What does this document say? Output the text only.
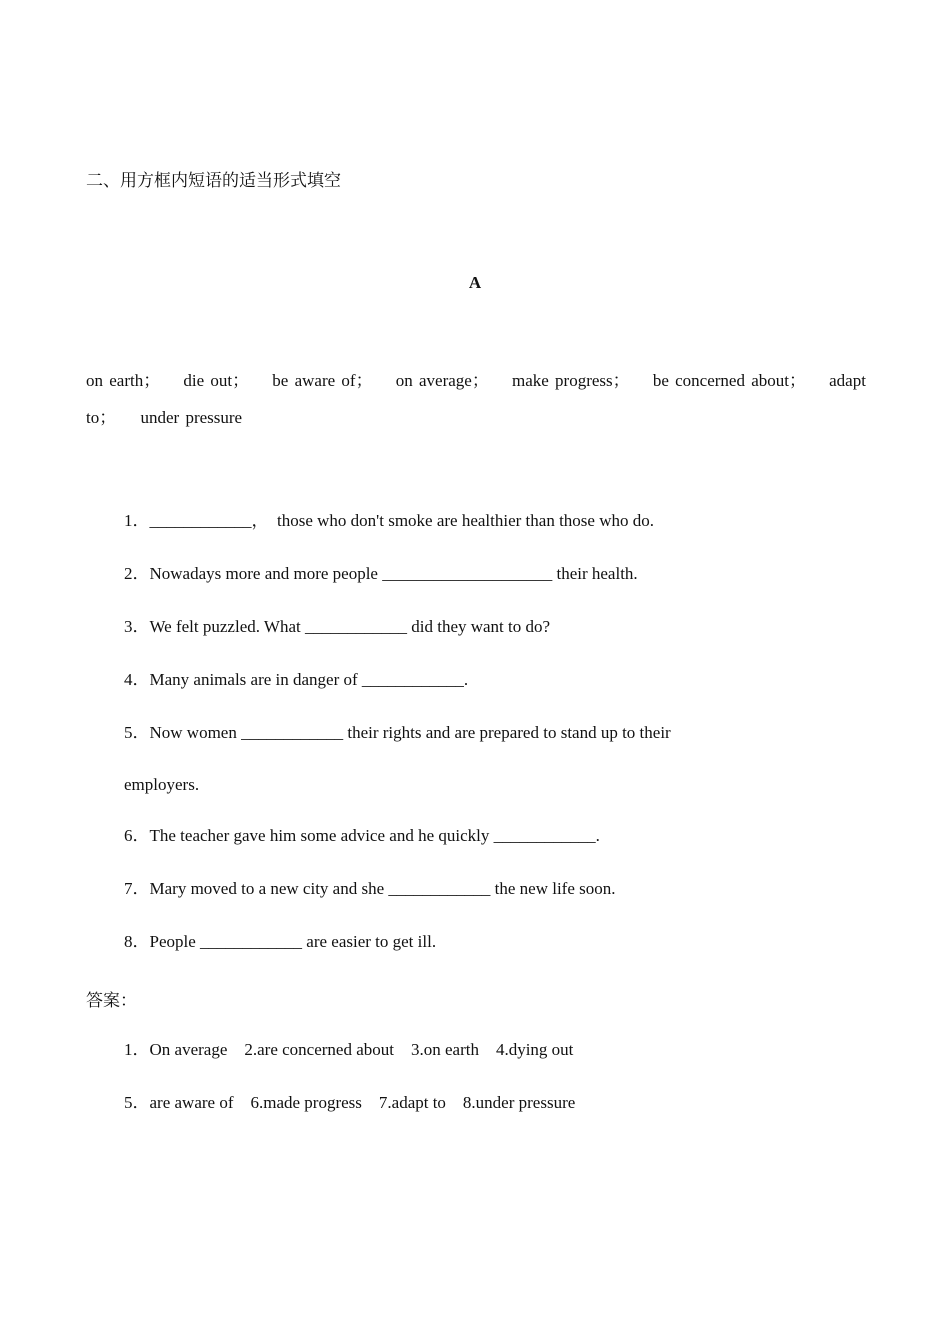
二、用方框内短语的适当形式填空
A
on earth； die out； be aware of； on average； make progress； be concerned about； adapt
to； under pressure
1．____________，  those who don't smoke are healthier than those who do.
2．Nowadays more and more people ____________________ their health.
3．We felt puzzled. What ____________ did they want to do?
4．Many animals are in danger of ____________.
5．Now women ____________ their rights and are prepared to stand up to their
employers.
6．The teacher gave him some advice and he quickly ____________.
7．Mary moved to a new city and she ____________ the new life soon.
8．People ____________ are easier to get ill.
答案：
1．On average    2.are concerned about    3.on earth    4.dying out
5．are aware of    6.made progress    7.adapt to    8.under pressure
